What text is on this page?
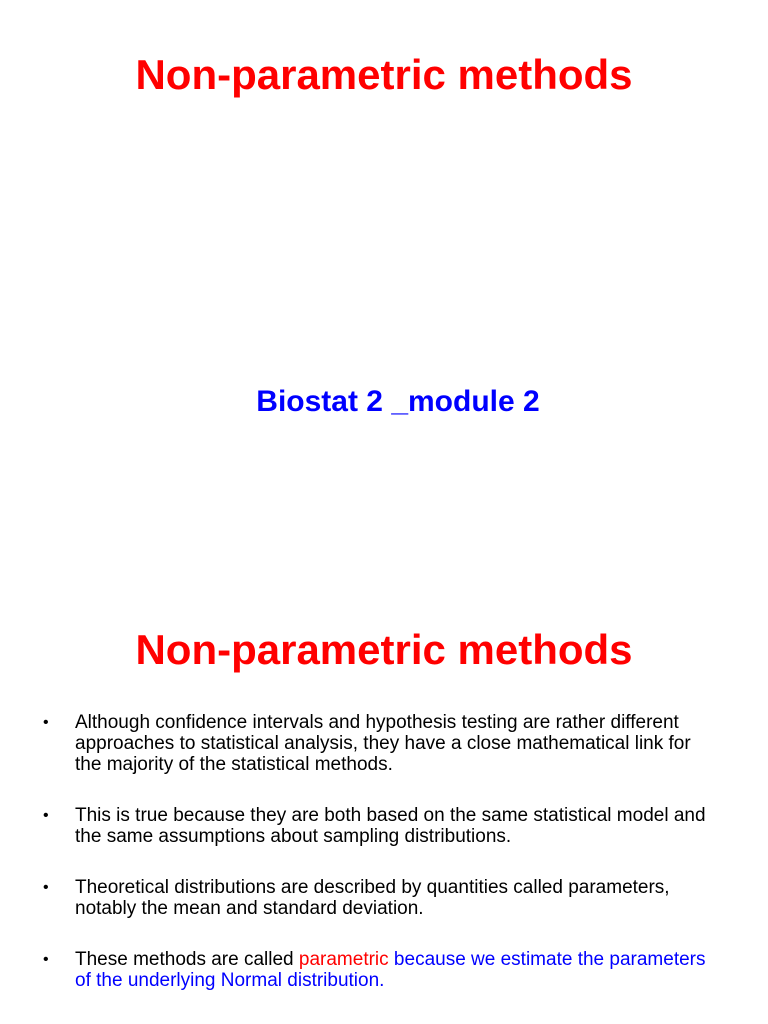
Non-parametric methods
Biostat 2 _module 2
Non-parametric methods
• Although confidence intervals and hypothesis testing are rather different approaches to statistical analysis, they have a close mathematical link for the majority of the statistical methods.
• This is true because they are both based on the same statistical model and the same assumptions about sampling distributions.
• Theoretical distributions are described by quantities called parameters, notably the mean and standard deviation.
• These methods are called parametric because we estimate the parameters of the underlying Normal distribution.
